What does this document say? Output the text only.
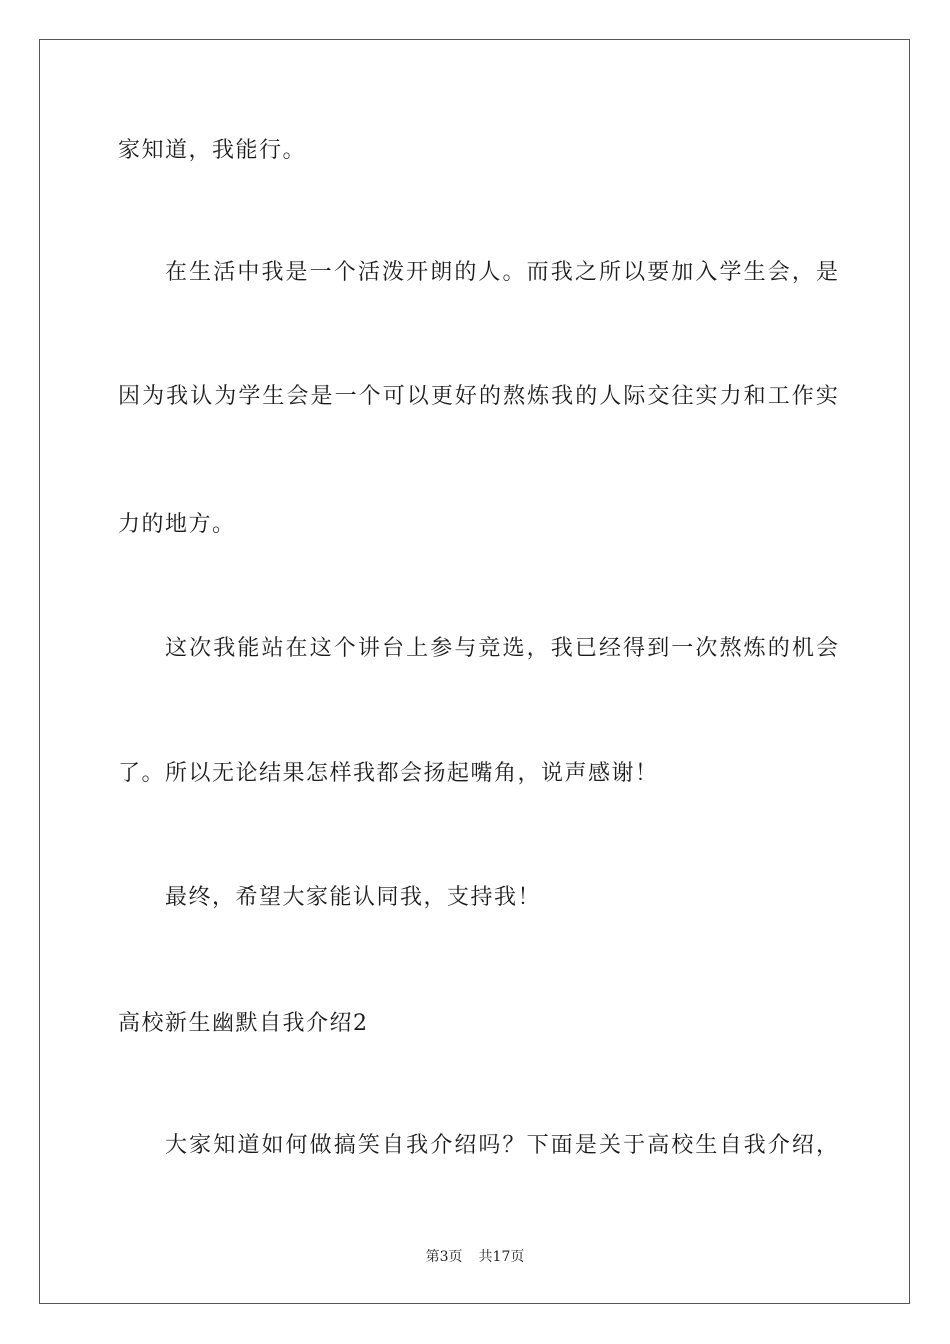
家知道，我能行。
在 生 活 中 我 是 一 个 活 泼 开 朗 的 人 。 而 我 之 所 以 要 加 入 学 生 会 ， 是
因 为 我 认 为 学 生 会 是 一 个 可 以 更 好 的 熬 炼 我 的 人 际 交 往 实 力 和 工 作 实
力的地方。
这 次 我 能 站 在 这 个 讲 台 上 参 与 竞 选 ， 我 已 经 得 到 一 次 熬 炼 的 机 会
了。所以无论结果怎样我都会扬起嘴角，说声感谢！
最终，希望大家能认同我，支持我！
高校新生幽默自我介绍2
大 家 知 道 如 何 做 搞 笑 自 我 介 绍 吗 ？ 下 面 是 关 于 高 校 生 自 我 介 绍 ，
第3页 共17页
